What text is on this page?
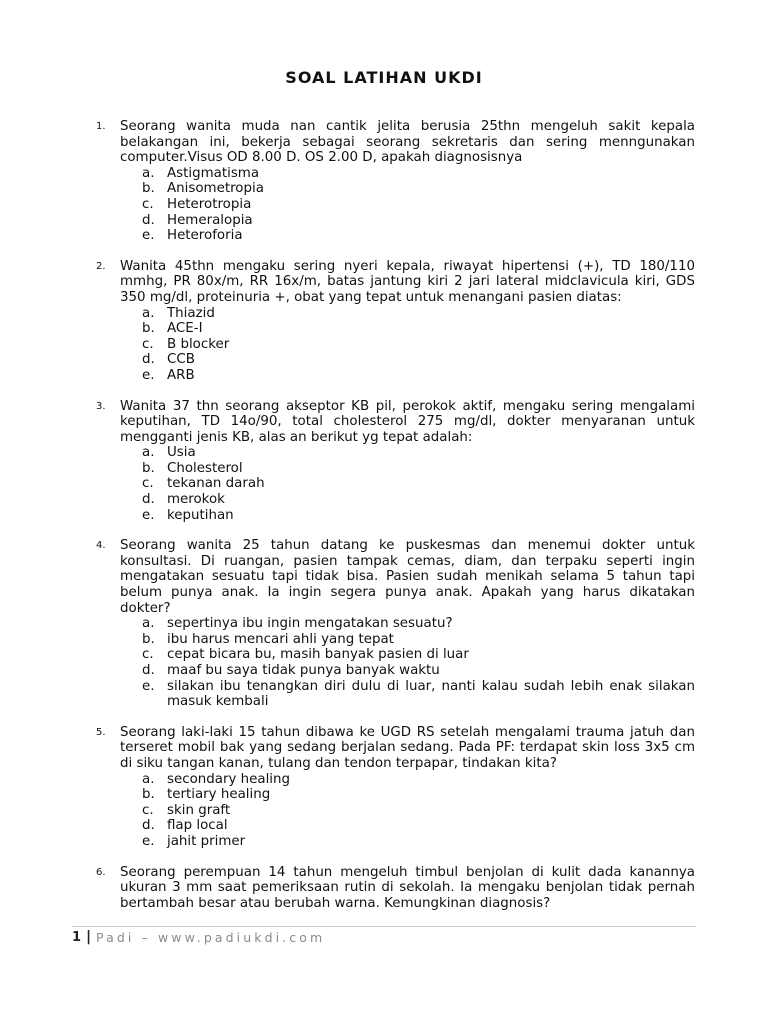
SOAL LATIHAN UKDI
1. Seorang wanita muda nan cantik jelita berusia 25thn mengeluh sakit kepala belakangan ini, bekerja sebagai seorang sekretaris dan sering menngunakan computer.Visus OD 8.00 D. OS 2.00 D, apakah diagnosisnya
a. Astigmatisma
b. Anisometropia
c. Heterotropia
d. Hemeralopia
e. Heteroforia
2. Wanita 45thn mengaku sering nyeri kepala, riwayat hipertensi (+), TD 180/110 mmhg, PR 80x/m, RR 16x/m, batas jantung kiri 2 jari lateral midclavicula kiri, GDS 350 mg/dl, proteinuria +, obat yang tepat untuk menangani pasien diatas:
a. Thiazid
b. ACE-I
c. B blocker
d. CCB
e. ARB
3. Wanita 37 thn seorang akseptor KB pil, perokok aktif, mengaku sering mengalami keputihan, TD 14o/90, total cholesterol 275 mg/dl, dokter menyaranan untuk mengganti jenis KB, alas an berikut yg tepat adalah:
a. Usia
b. Cholesterol
c. tekanan darah
d. merokok
e. keputihan
4. Seorang wanita 25 tahun datang ke puskesmas dan menemui dokter untuk konsultasi. Di ruangan, pasien tampak cemas, diam, dan terpaku seperti ingin mengatakan sesuatu tapi tidak bisa. Pasien sudah menikah selama 5 tahun tapi belum punya anak. Ia ingin segera punya anak. Apakah yang harus dikatakan dokter?
a. sepertinya ibu ingin mengatakan sesuatu?
b. ibu harus mencari ahli yang tepat
c. cepat bicara bu, masih banyak pasien di luar
d. maaf bu saya tidak punya banyak waktu
e. silakan ibu tenangkan diri dulu di luar, nanti kalau sudah lebih enak silakan masuk kembali
5. Seorang laki-laki 15 tahun dibawa ke UGD RS setelah mengalami trauma jatuh dan terseret mobil bak yang sedang berjalan sedang. Pada PF: terdapat skin loss 3x5 cm di siku tangan kanan, tulang dan tendon terpapar, tindakan kita?
a. secondary healing
b. tertiary healing
c. skin graft
d. flap local
e. jahit primer
6. Seorang perempuan 14 tahun mengeluh timbul benjolan di kulit dada kanannya ukuran 3 mm saat pemeriksaan rutin di sekolah. Ia mengaku benjolan tidak pernah bertambah besar atau berubah warna. Kemungkinan diagnosis?
1 | Padi – www.padiukdi.com
